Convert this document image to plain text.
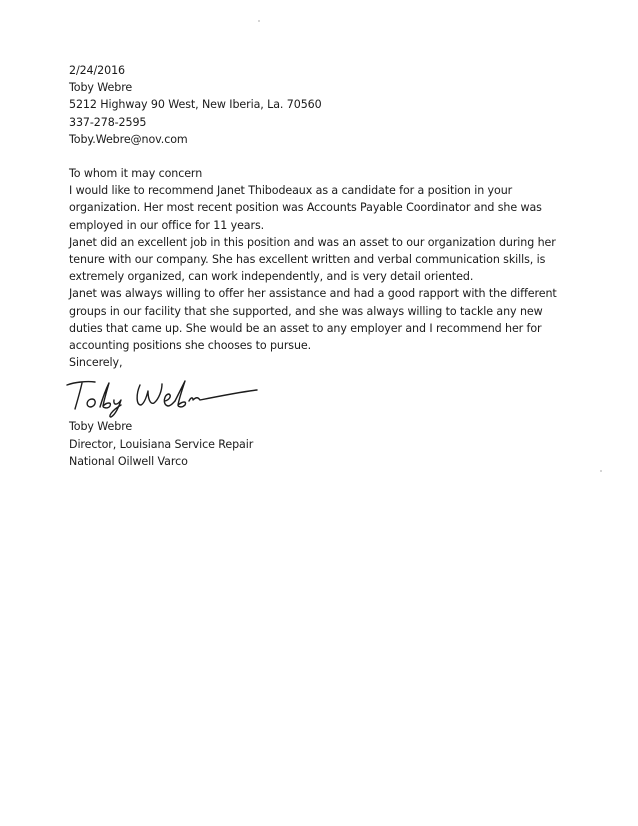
2/24/2016

Toby Webre

5212 Highway 90 West, New Iberia, La. 70560

337-278-2595

Toby.Webre@nov.com

To whom it may concern

I would like to recommend Janet Thibodeaux as a candidate for a position in your organization. Her most recent position was Accounts Payable Coordinator and she was employed in our office for 11 years.

Janet did an excellent job in this position and was an asset to our organization during her tenure with our company. She has excellent written and verbal communication skills, is extremely organized, can work independently, and is very detail oriented.

Janet was always willing to offer her assistance and had a good rapport with the different groups in our facility that she supported, and she was always willing to tackle any new duties that came up. She would be an asset to any employer and I recommend her for accounting positions she chooses to pursue.

Sincerely,

Toby Webre

Director, Louisiana Service Repair

National Oilwell Varco
